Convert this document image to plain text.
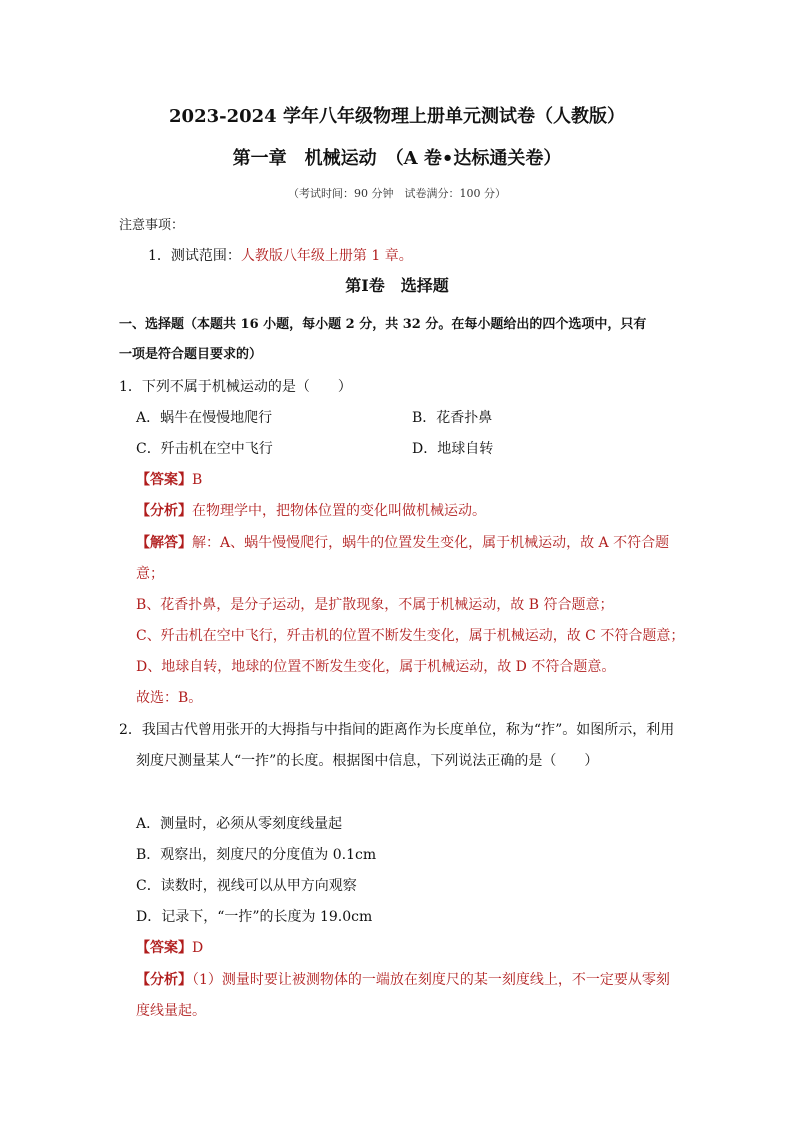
2023-2024 学年八年级物理上册单元测试卷（人教版）
第一章　机械运动　（A 卷•达标通关卷）
（考试时间：90 分钟　试卷满分：100 分）
注意事项：
1．测试范围：人教版八年级上册第 1 章。
第Ⅰ卷　选择题
一、选择题（本题共 16 小题，每小题 2 分，共 32 分。在每小题给出的四个选项中，只有
一项是符合题目要求的）
1．下列不属于机械运动的是（　　）
A．蜗牛在慢慢地爬行	B．花香扑鼻
C．歼击机在空中飞行	D．地球自转
【答案】B
【分析】在物理学中，把物体位置的变化叫做机械运动。
【解答】解：A、蜗牛慢慢爬行，蜗牛的位置发生变化，属于机械运动，故 A 不符合题
意；
B、花香扑鼻，是分子运动，是扩散现象，不属于机械运动，故 B 符合题意；
C、歼击机在空中飞行，歼击机的位置不断发生变化，属于机械运动，故 C 不符合题意；
D、地球自转，地球的位置不断发生变化，属于机械运动，故 D 不符合题意。
故选：B。
2．我国古代曾用张开的大拇指与中指间的距离作为长度单位，称为“拃”。如图所示，利用
刻度尺测量某人“一拃”的长度。根据图中信息，下列说法正确的是（　　）
A．测量时，必须从零刻度线量起
B．观察出，刻度尺的分度值为 0.1cm
C．读数时，视线可以从甲方向观察
D．记录下，“一拃”的长度为 19.0cm
【答案】D
【分析】（1）测量时要让被测物体的一端放在刻度尺的某一刻度线上，不一定要从零刻
度线量起。
